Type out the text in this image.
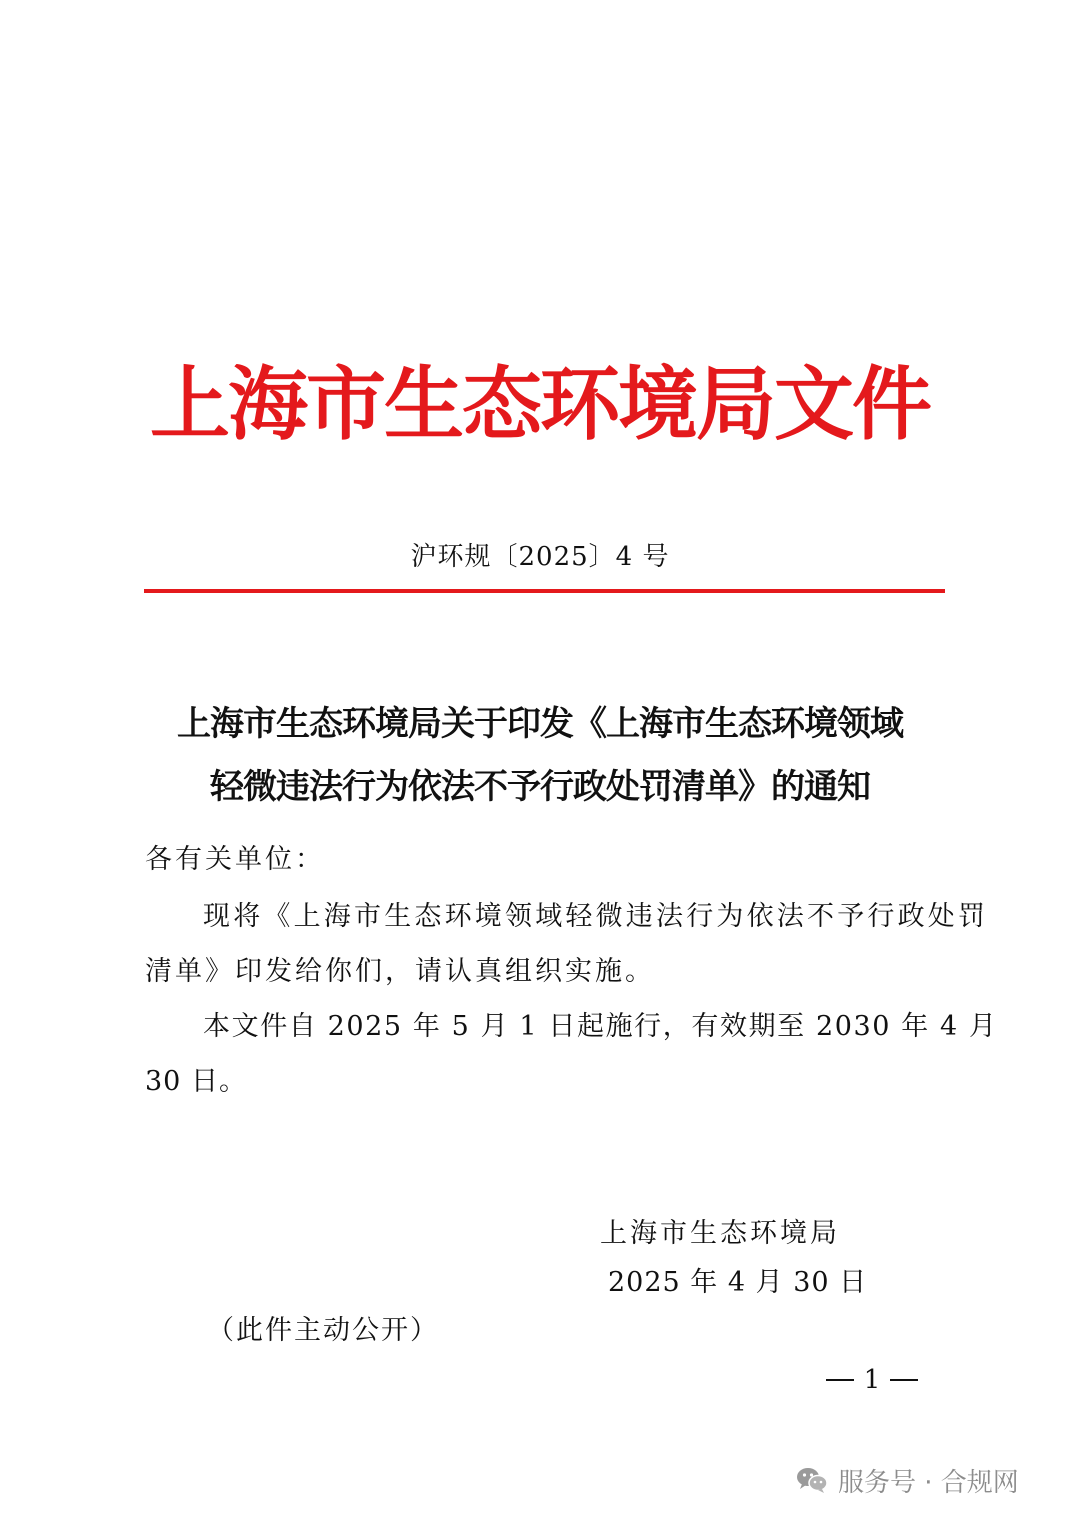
上海市生态环境局文件
沪环规〔2025〕4 号
上海市生态环境局关于印发《上海市生态环境领域
轻微违法行为依法不予行政处罚清单》的通知
各有关单位：
现将《上海市生态环境领域轻微违法行为依法不予行政处罚
清单》印发给你们，请认真组织实施。
本文件自 2025 年 5 月 1 日起施行，有效期至 2030 年 4 月
30 日。
上海市生态环境局
2025 年 4 月 30 日
（此件主动公开）
1
服务号 · 合规网
